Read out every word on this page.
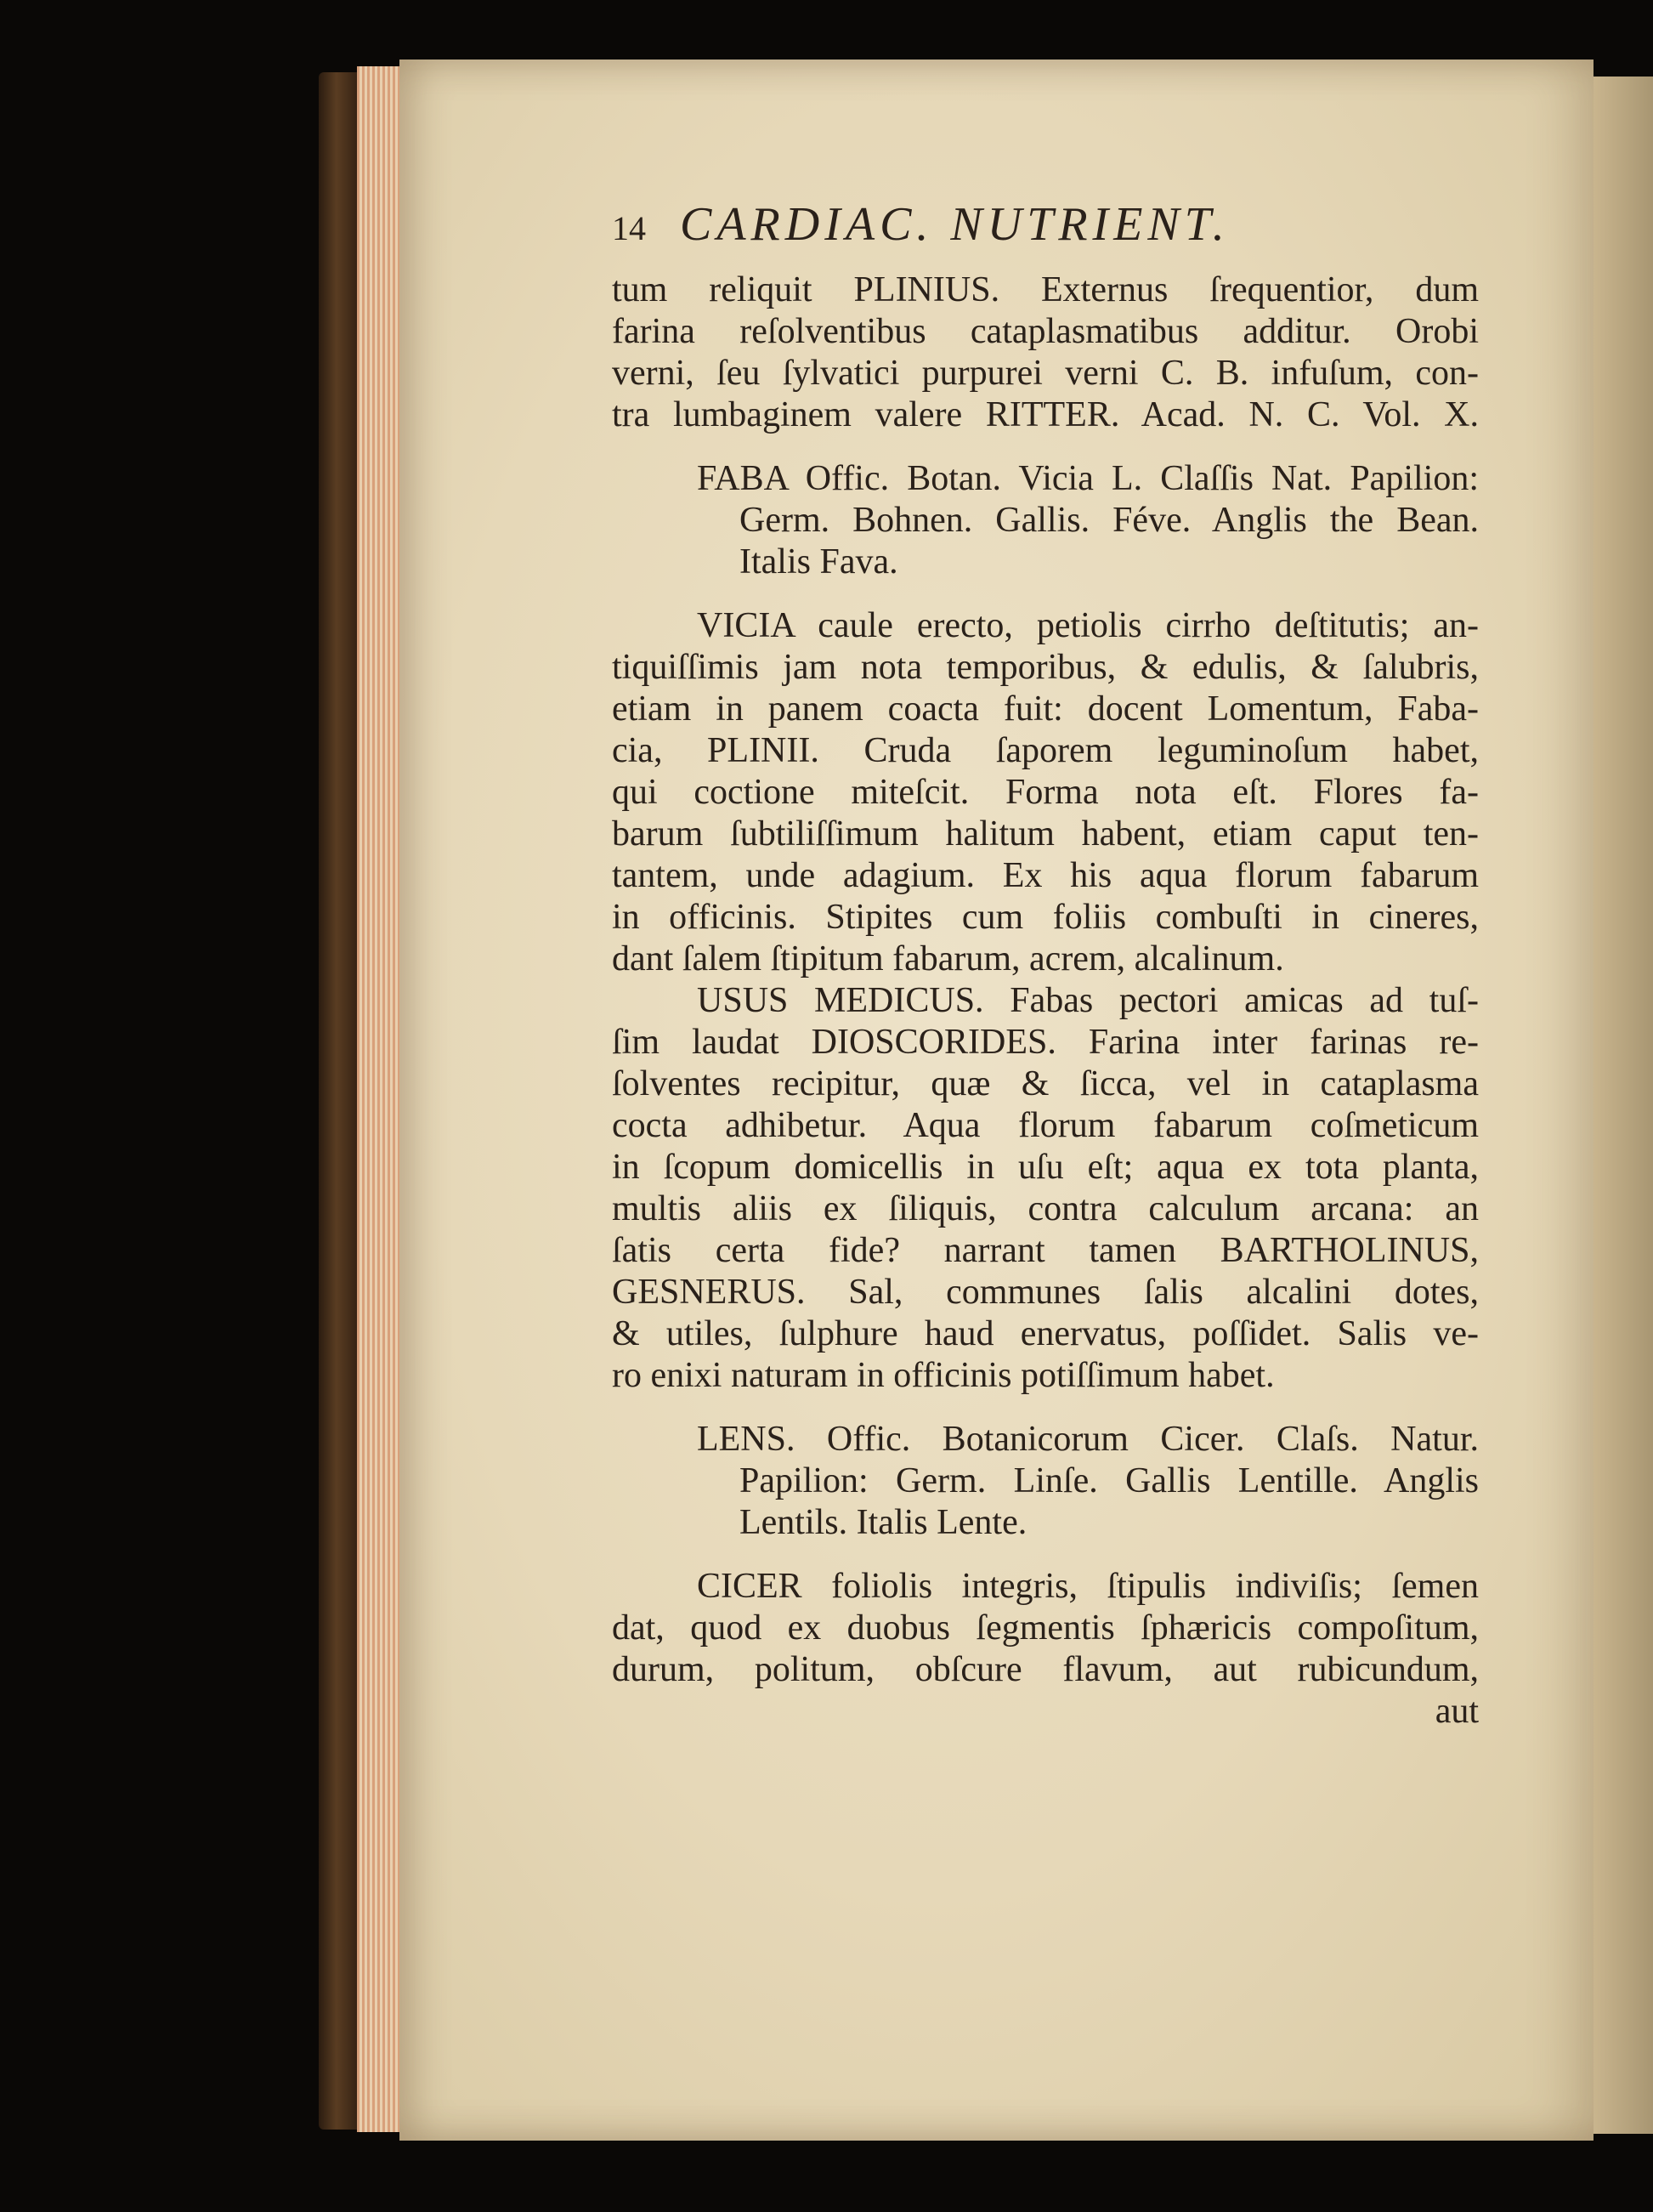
14 CARDIAC. NUTRIENT.
tum reliquit PLINIUS. Externus ſrequentior, dum
farina reſolventibus cataplasmatibus additur. Orobi
verni, ſeu ſylvatici purpurei verni C. B. infuſum, con-
tra lumbaginem valere RITTER. Acad. N. C. Vol. X.
FABA Offic. Botan. Vicia L. Claſſis Nat. Papilion:
Germ. Bohnen. Gallis. Féve. Anglis the Bean.
Italis Fava.
VICIA caule erecto, petiolis cirrho deſtitutis; an-
tiquiſſimis jam nota temporibus, & edulis, & ſalubris,
etiam in panem coacta fuit: docent Lomentum, Faba-
cia, PLINII. Cruda ſaporem leguminoſum habet,
qui coctione miteſcit. Forma nota eſt. Flores fa-
barum ſubtiliſſimum halitum habent, etiam caput ten-
tantem, unde adagium. Ex his aqua florum fabarum
in officinis. Stipites cum foliis combuſti in cineres,
dant ſalem ſtipitum fabarum, acrem, alcalinum.
USUS MEDICUS. Fabas pectori amicas ad tuſ-
ſim laudat DIOSCORIDES. Farina inter farinas re-
ſolventes recipitur, quæ & ſicca, vel in cataplasma
cocta adhibetur. Aqua florum fabarum coſmeticum
in ſcopum domicellis in uſu eſt; aqua ex tota planta,
multis aliis ex ſiliquis, contra calculum arcana: an
ſatis certa fide? narrant tamen BARTHOLINUS,
GESNERUS. Sal, communes ſalis alcalini dotes,
& utiles, ſulphure haud enervatus, poſſidet. Salis ve-
ro enixi naturam in officinis potiſſimum habet.
LENS. Offic. Botanicorum Cicer. Claſs. Natur.
Papilion: Germ. Linſe. Gallis Lentille. Anglis
Lentils. Italis Lente.
CICER foliolis integris, ſtipulis indiviſis; ſemen
dat, quod ex duobus ſegmentis ſphæricis compoſitum,
durum, politum, obſcure flavum, aut rubicundum,
aut
